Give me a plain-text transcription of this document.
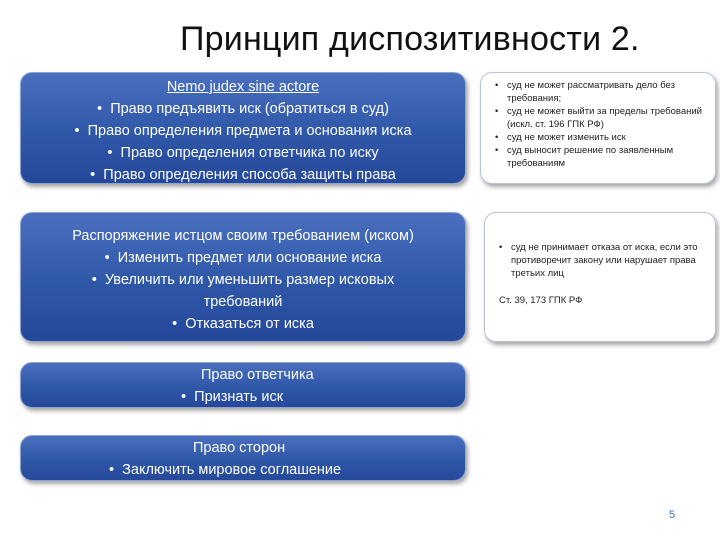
Принцип диспозитивности 2.
Nemo judex sine actore
•  Право предъявить иск (обратиться в суд)
•  Право определения предмета и основания иска
•  Право определения ответчика по иску
•  Право определения способа защиты права
Распоряжение истцом своим требованием (иском)
•  Изменить предмет или основание иска
•  Увеличить или уменьшить размер исковых
требований
•  Отказаться от иска
Право ответчика
•  Признать иск
Право сторон
•  Заключить мировое соглашение
• суд не может рассматривать дело без требования;
• суд не может выйти за пределы требований (искл. ст. 196 ГПК РФ)
• суд не может изменить иск
• суд выносит решение по заявленным требованиям
• суд не принимает отказа от иска, если это противоречит закону или нарушает права третьих лиц
Ст. 39, 173 ГПК РФ
5
